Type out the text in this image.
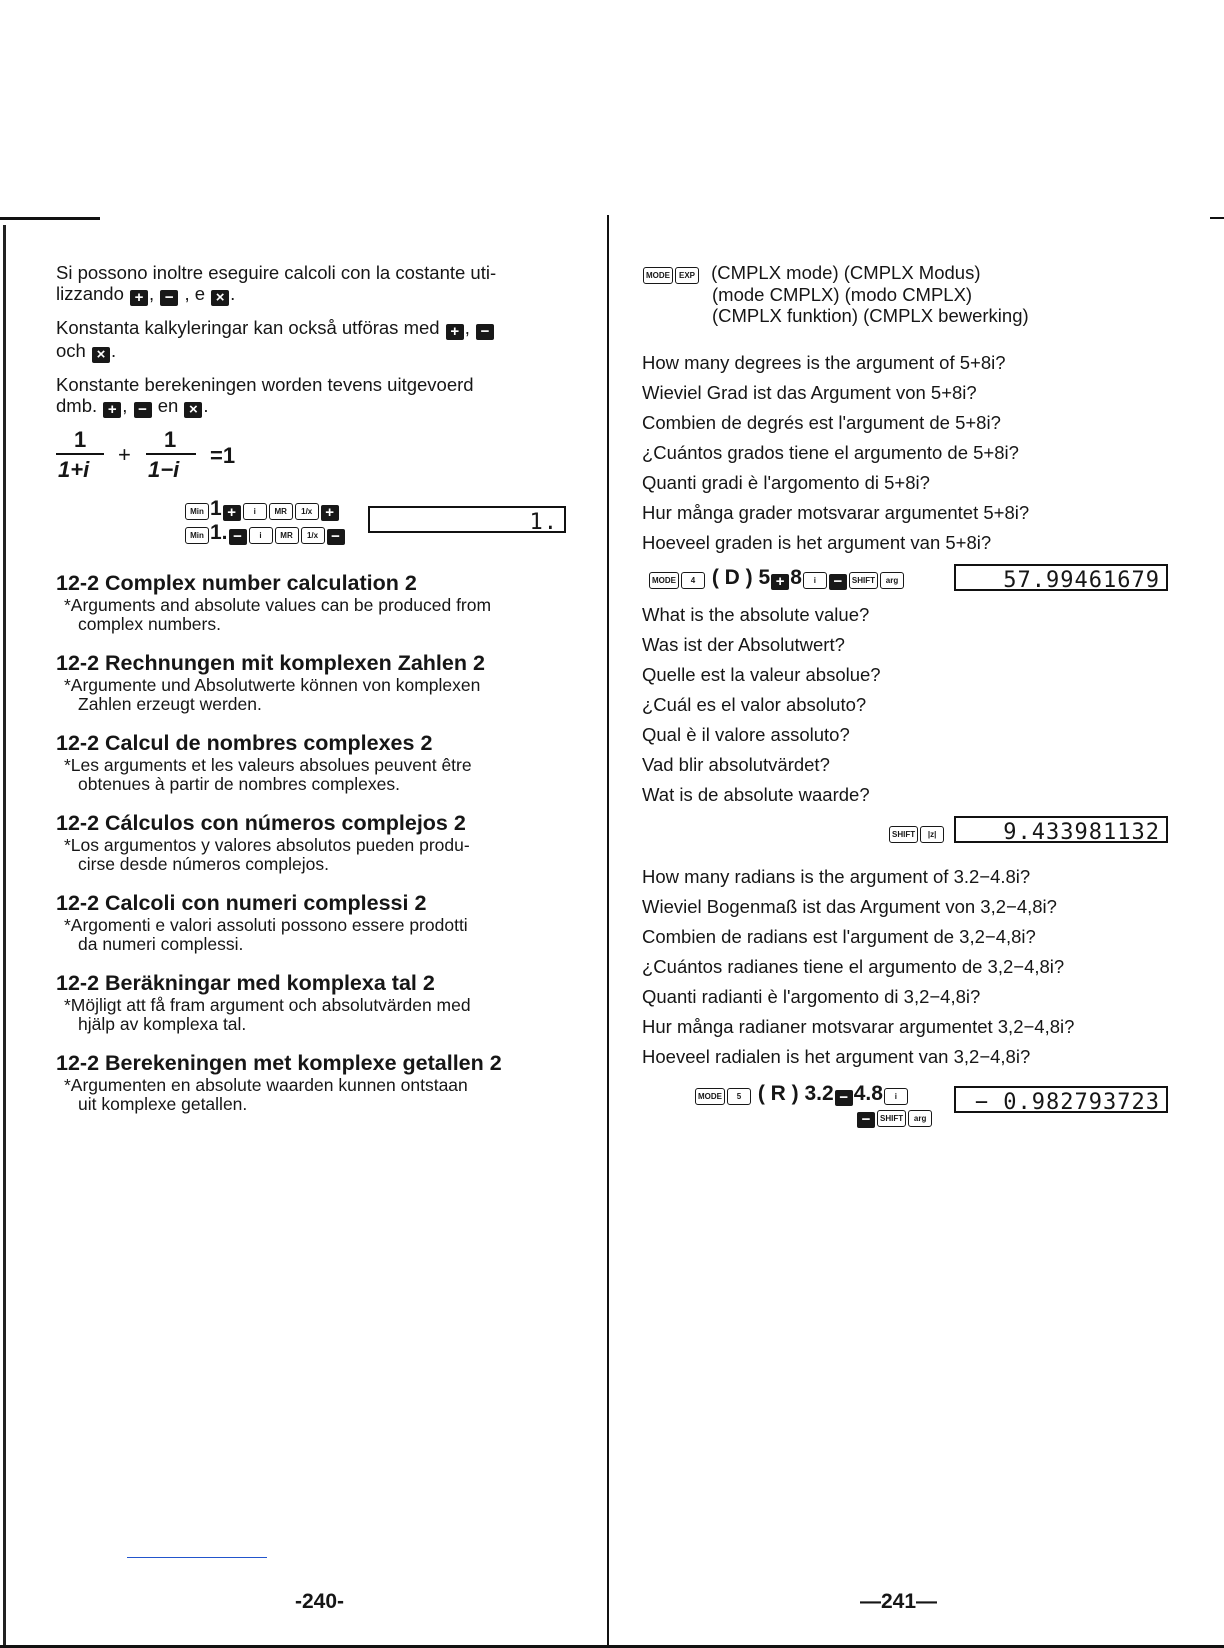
Si possono inoltre eseguire calcoli con la costante uti-
lizzando + , − , e × .
Konstanta kalkyleringar kan också utföras med + , −
och × .
Konstante berekeningen worden tevens uitgevoerd
dmb. + , − en × .
1
1+i
+
1
1−i
=1
Min 1 + i MR 1/x +
Min 1. − i MR 1/x −
1.
12-2 Complex number calculation 2
*Arguments and absolute values can be produced from
complex numbers.
12-2 Rechnungen mit komplexen Zahlen 2
*Argumente und Absolutwerte können von komplexen
Zahlen erzeugt werden.
12-2 Calcul de nombres complexes 2
*Les arguments et les valeurs absolues peuvent être
obtenues à partir de nombres complexes.
12-2 Cálculos con números complejos 2
*Los argumentos y valores absolutos pueden produ-
cirse desde números complejos.
12-2 Calcoli con numeri complessi 2
*Argomenti e valori assoluti possono essere prodotti
da numeri complessi.
12-2 Beräkningar med komplexa tal 2
*Möjligt att få fram argument och absolutvärden med
hjälp av komplexa tal.
12-2 Berekeningen met komplexe getallen 2
*Argumenten en absolute waarden kunnen ontstaan
uit komplexe getallen.
-240-
MODE EXP (CMPLX mode) (CMPLX Modus)
(mode CMPLX) (modo CMPLX)
(CMPLX funktion) (CMPLX bewerking)
How many degrees is the argument of 5+8i?
Wieviel Grad ist das Argument von 5+8i?
Combien de degrés est l'argument de 5+8i?
¿Cuántos grados tiene el argumento de 5+8i?
Quanti gradi è l'argomento di 5+8i?
Hur många grader motsvarar argumentet 5+8i?
Hoeveel graden is het argument van 5+8i?
MODE 4 ( D ) 5 + 8 i − SHIFT arg	57.99461679
What is the absolute value?
Was ist der Absolutwert?
Quelle est la valeur absolue?
¿Cuál es el valor absoluto?
Qual è il valore assoluto?
Vad blir absolutvärdet?
Wat is de absolute waarde?
SHIFT |z|	9.433981132
How many radians is the argument of 3.2−4.8i?
Wieviel Bogenmaß ist das Argument von 3,2−4,8i?
Combien de radians est l'argument de 3,2−4,8i?
¿Cuántos radianes tiene el argumento de 3,2−4,8i?
Quanti radianti è l'argomento di 3,2−4,8i?
Hur många radianer motsvarar argumentet 3,2−4,8i?
Hoeveel radialen is het argument van 3,2−4,8i?
MODE 5 ( R ) 3.2 − 4.8 i
− SHIFT arg
− 0.982793723
—241—
